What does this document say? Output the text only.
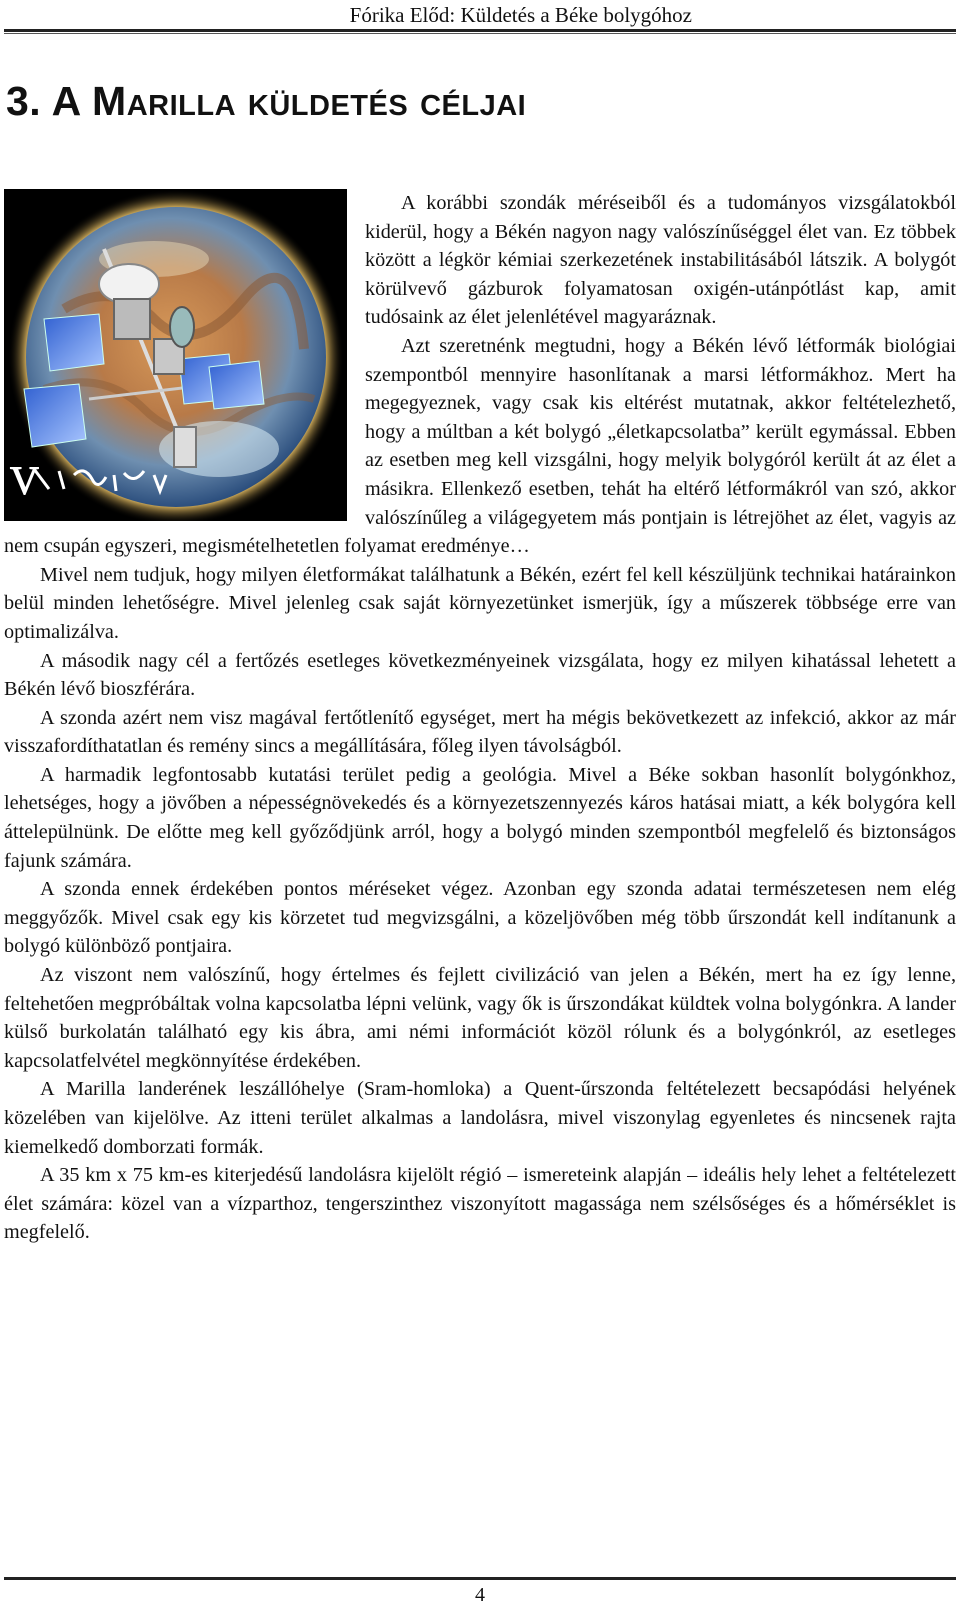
Fórika Előd: Küldetés a Béke bolygóhoz
3. A Marilla küldetés céljai
V

A korábbi szondák méréseiből és a tudományos vizsgálatokból kiderül, hogy a Békén nagyon nagy valószínűséggel élet van. Ez többek között a légkör kémiai szerkezetének instabilitásából látszik. A bolygót körülvevő gázburok folyamatosan oxigén-utánpótlást kap, amit tudósaink az élet jelenlétével magyaráznak.

Azt szeretnénk megtudni, hogy a Békén lévő létformák biológiai szempontból mennyire hasonlítanak a marsi létformákhoz. Mert ha megegyeznek, vagy csak kis eltérést mutatnak, akkor feltételezhető, hogy a múltban a két bolygó „életkapcsolatba” került egymással. Ebben az esetben meg kell vizsgálni, hogy melyik bolygóról került át az élet a másikra. Ellenkező esetben, tehát ha eltérő létformákról van szó, akkor valószínűleg a világegyetem más pontjain is létrejöhet az élet, vagyis az nem csupán egyszeri, megismételhetetlen folyamat eredménye…

Mivel nem tudjuk, hogy milyen életformákat találhatunk a Békén, ezért fel kell készüljünk technikai határainkon belül minden lehetőségre. Mivel jelenleg csak saját környezetünket ismerjük, így a műszerek többsége erre van optimalizálva.

A második nagy cél a fertőzés esetleges következményeinek vizsgálata, hogy ez milyen kihatással lehetett a Békén lévő bioszférára.

A szonda azért nem visz magával fertőtlenítő egységet, mert ha mégis bekövetkezett az infekció, akkor az már visszafordíthatatlan és remény sincs a megállítására, főleg ilyen távolságból.

A harmadik legfontosabb kutatási terület pedig a geológia. Mivel a Béke sokban hasonlít bolygónkhoz, lehetséges, hogy a jövőben a népességnövekedés és a környezetszennyezés káros hatásai miatt, a kék bolygóra kell áttelepülnünk. De előtte meg kell győződjünk arról, hogy a bolygó minden szempontból megfelelő és biztonságos fajunk számára.

A szonda ennek érdekében pontos méréseket végez. Azonban egy szonda adatai természetesen nem elég meggyőzők. Mivel csak egy kis körzetet tud megvizsgálni, a közeljövőben még több űrszondát kell indítanunk a bolygó különböző pontjaira.

Az viszont nem valószínű, hogy értelmes és fejlett civilizáció van jelen a Békén, mert ha ez így lenne, feltehetően megpróbáltak volna kapcsolatba lépni velünk, vagy ők is űrszondákat küldtek volna bolygónkra. A lander külső burkolatán található egy kis ábra, ami némi információt közöl rólunk és a bolygónkról, az esetleges kapcsolatfelvétel megkönnyítése érdekében.

A Marilla landerének leszállóhelye (Sram-homloka) a Quent-űrszonda feltételezett becsapódási helyének közelében van kijelölve. Az itteni terület alkalmas a landolásra, mivel viszonylag egyenletes és nincsenek rajta kiemelkedő domborzati formák.

A 35 km x 75 km-es kiterjedésű landolásra kijelölt régió – ismereteink alapján – ideális hely lehet a feltételezett élet számára: közel van a vízparthoz, tengerszinthez viszonyított magassága nem szélsőséges és a hőmérséklet is megfelelő.

4
